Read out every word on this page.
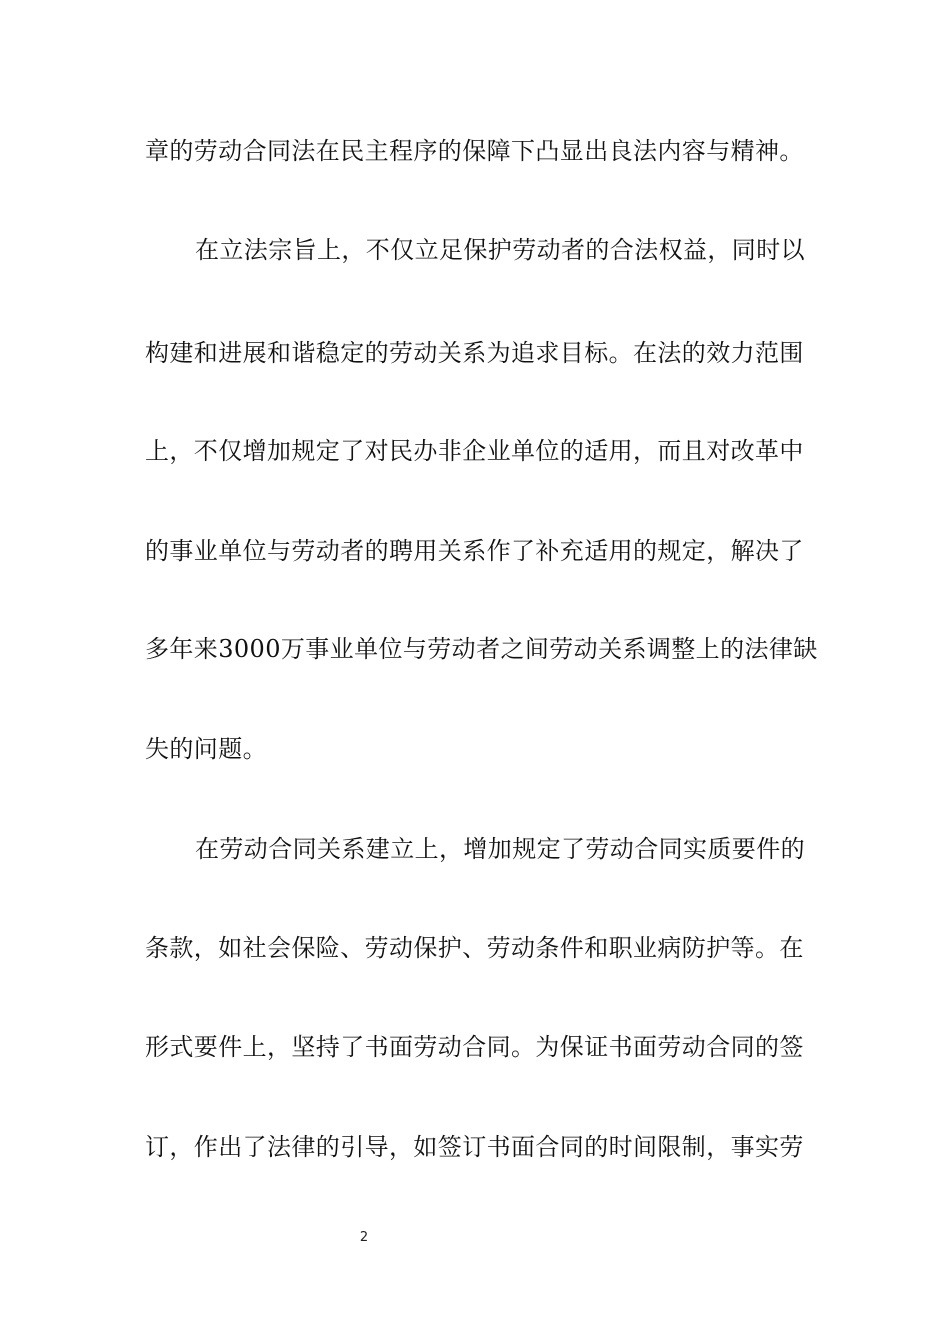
章的劳动合同法在民主程序的保障下凸显出良法内容与精神。
在立法宗旨上，不仅立足保护劳动者的合法权益，同时以
构建和进展和谐稳定的劳动关系为追求目标。在法的效力范围
上，不仅增加规定了对民办非企业单位的适用，而且对改革中
的事业单位与劳动者的聘用关系作了补充适用的规定，解决了
多年来3000万事业单位与劳动者之间劳动关系调整上的法律缺
失的问题。
在劳动合同关系建立上，增加规定了劳动合同实质要件的
条款，如社会保险、劳动保护、劳动条件和职业病防护等。在
形式要件上，坚持了书面劳动合同。为保证书面劳动合同的签
订，作出了法律的引导，如签订书面合同的时间限制，事实劳
2
